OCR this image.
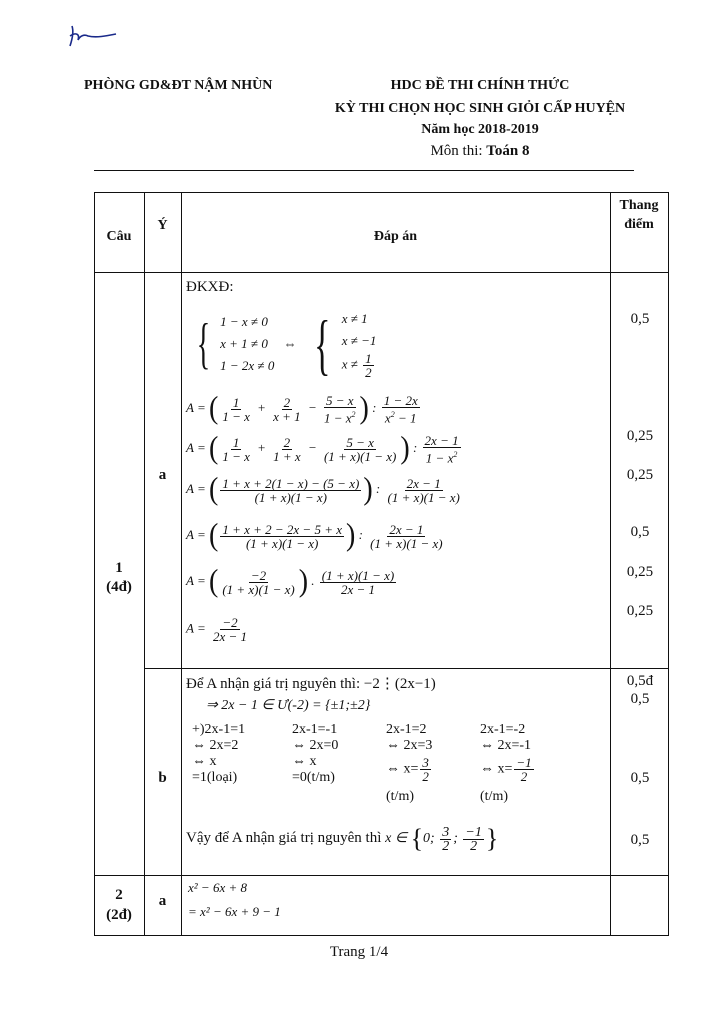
PHÒNG GD&ĐT NẬM NHÙN	HDC ĐỀ THI CHÍNH THỨC
KỲ THI CHỌN HỌC SINH GIỎI CẤP HUYỆN
Năm học 2018-2019
Môn thi: Toán 8
Câu
Ý
Đáp án
Thang điểm
1
(4đ)
a
b
ĐKXĐ:
{ 1 − x ≠ 0
x + 1 ≠ 0
1 − 2x ≠ 0
⇔ { x ≠ 1
x ≠ −1
$x \ne \frac{1}{2}$
A = ( $\frac{1}{1 - x} + \frac{2}{x + 1} - \frac{5 - x}{1 - x^2}$ ) : $\frac{1 - 2x}{x^2 - 1}$
A = ( $\frac{1}{1 - x} + \frac{2}{1 + x} - \frac{5 - x}{(1 + x)(1 - x)}$ ) : $\frac{2x - 1}{1 - x^2}$
A = ( $\frac{1 + x + 2(1 - x) - (5 - x)}{(1 + x)(1 - x)}$ ) : $\frac{2x - 1}{(1 + x)(1 - x)}$
A = ( $\frac{1 + x + 2 - 2x - 5 + x}{(1 + x)(1 - x)}$ ) : $\frac{2x - 1}{(1 + x)(1 - x)}$
A = ( $\frac{-2}{(1 + x)(1 - x)}$ ) . $\frac{(1 + x)(1 - x)}{2x - 1}$
$A = \frac{-2}{2x - 1}$
0,5
0,25
0,25
0,5
0,25
0,25
Để A nhận giá trị nguyên thì: −2⋮(2x−1)
⇒ 2x − 1 ∈ Ư(-2) = {±1;±2}
+)2x-1=1
⇔ 2x=2
⇔ x
=1(loại)
2x-1=-1
⇔ 2x=0
⇔ x
=0(t/m)
2x-1=2
⇔ 2x=3
⇔ $x= \frac{3}{2}$
(t/m)
2x-1=-2
⇔ 2x=-1
⇔ $x= \frac{-1}{2}$
(t/m)
Vậy để A nhận giá trị nguyên thì x ∈ {0; $\frac{3}{2}$ ; $\frac{-1}{2}$ }
0,5đ
0,5
0,5
0,5
2
(2đ)
a
x² − 6x + 8
= x² − 6x + 9 − 1
Trang 1/4
